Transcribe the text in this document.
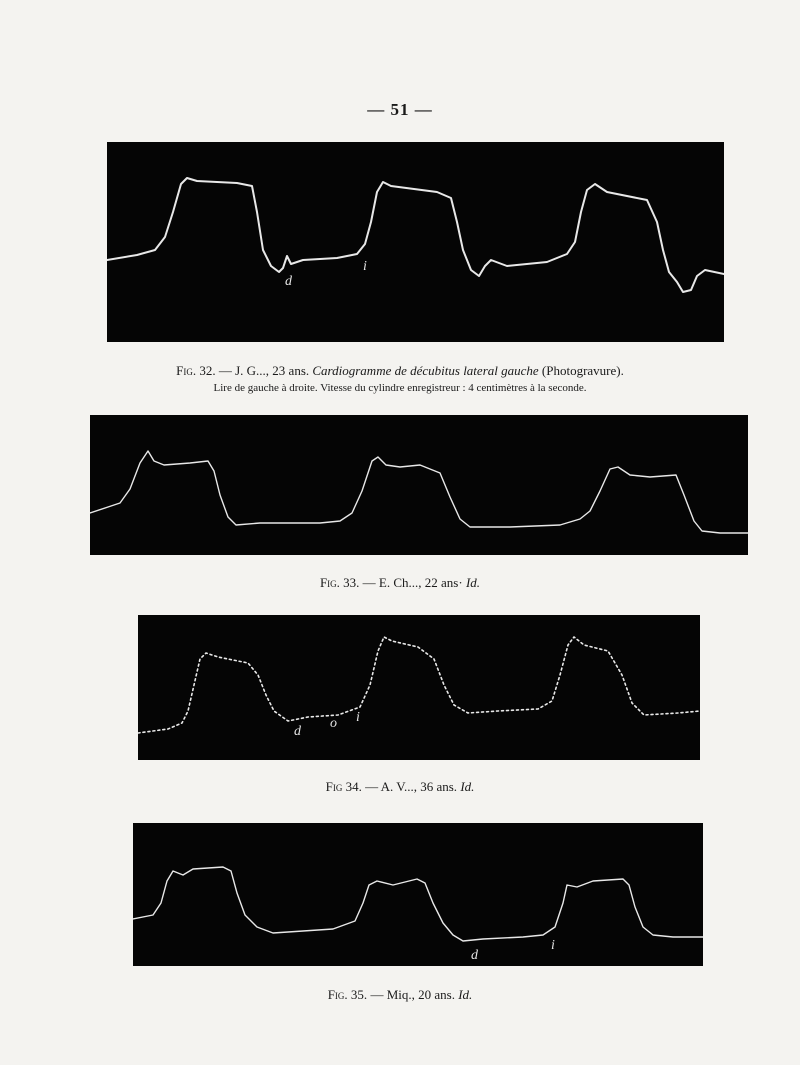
— 51 —
d
i
Fig. 32. — J. G..., 23 ans. Cardiogramme de décubitus lateral gauche (Photogravure).
Lire de gauche à droite. Vitesse du cylindre enregistreur : 4 centimètres à la seconde.
Fig. 33. — E. Ch..., 22 ans· Id.
d
o i
Fig 34. — A. V..., 36 ans. Id.
d
i
Fig. 35. — Miq., 20 ans. Id.
